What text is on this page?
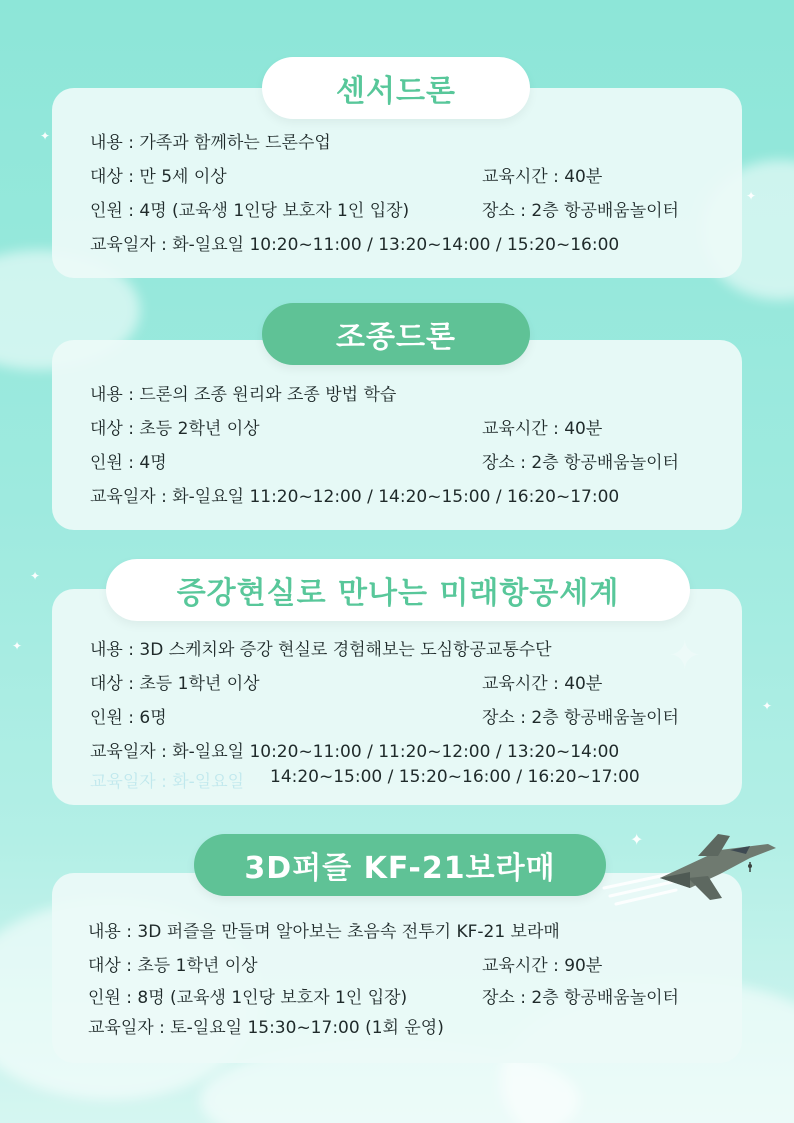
✦
✦
✦
✦
✦
✦ 내용 : 가족과 함께하는 드론수업
대상 : 만 5세 이상	교육시간 : 40분
인원 : 4명 (교육생 1인당 보호자 1인 입장)	장소 : 2층 항공배움놀이터
교육일자 : 화-일요일 10:20~11:00 / 13:20~14:00 / 15:20~16:00
센서드론
내용 : 드론의 조종 원리와 조종 방법 학습
대상 : 초등 2학년 이상	교육시간 : 40분
인원 : 4명	장소 : 2층 항공배움놀이터
교육일자 : 화-일요일 11:20~12:00 / 14:20~15:00 / 16:20~17:00
조종드론
내용 : 3D 스케치와 증강 현실로 경험해보는 도심항공교통수단
대상 : 초등 1학년 이상	교육시간 : 40분
인원 : 6명	장소 : 2층 항공배움놀이터
교육일자 : 화-일요일 10:20~11:00 / 11:20~12:00 / 13:20~14:00
교육일자 : 화-일요일 14:20~15:00 / 15:20~16:00 / 16:20~17:00
증강현실로 만나는 미래항공세계
내용 : 3D 퍼즐을 만들며 알아보는 초음속 전투기 KF-21 보라매
대상 : 초등 1학년 이상	교육시간 : 90분
인원 : 8명 (교육생 1인당 보호자 1인 입장)	장소 : 2층 항공배움놀이터
교육일자 : 토-일요일 15:30~17:00 (1회 운영)
3D퍼즐 KF-21보라매
